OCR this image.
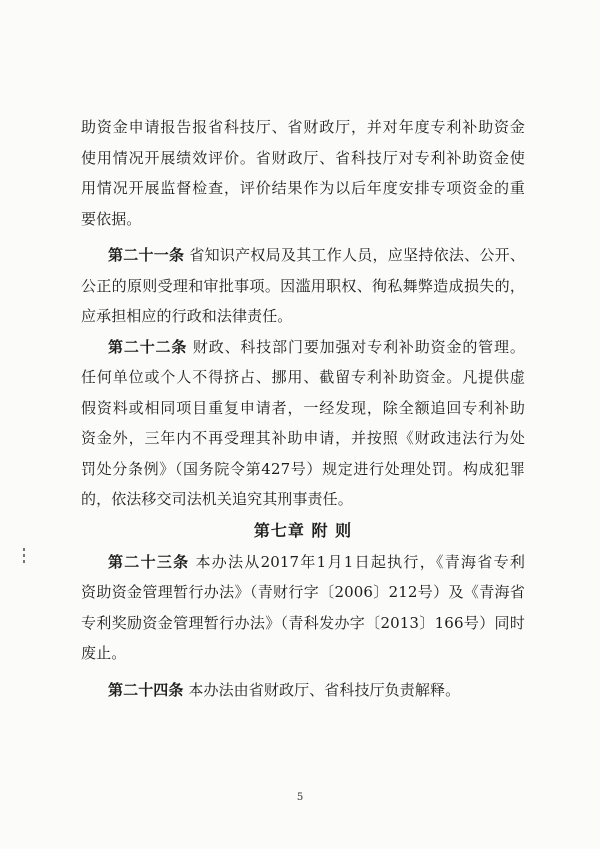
助资金申请报告报省科技厅、省财政厅，并对年度专利补助资金
使用情况开展绩效评价。省财政厅、省科技厅对专利补助资金使
用情况开展监督检查，评价结果作为以后年度安排专项资金的重
要依据。
第二十一条 省知识产权局及其工作人员，应坚持依法、公开、
公正的原则受理和审批事项。因滥用职权、徇私舞弊造成损失的，
应承担相应的行政和法律责任。
第二十二条 财政、科技部门要加强对专利补助资金的管理。
任何单位或个人不得挤占、挪用、截留专利补助资金。凡提供虚
假资料或相同项目重复申请者，一经发现，除全额追回专利补助
资金外，三年内不再受理其补助申请，并按照《财政违法行为处
罚处分条例》（国务院令第427号）规定进行处理处罚。构成犯罪
的，依法移交司法机关追究其刑事责任。
第七章 附 则
第二十三条 本办法从2017年1月1日起执行，《青海省专利
资助资金管理暂行办法》（青财行字〔2006〕212号）及《青海省
专利奖励资金管理暂行办法》（青科发办字〔2013〕166号）同时
废止。
第二十四条 本办法由省财政厅、省科技厅负责解释。
5
